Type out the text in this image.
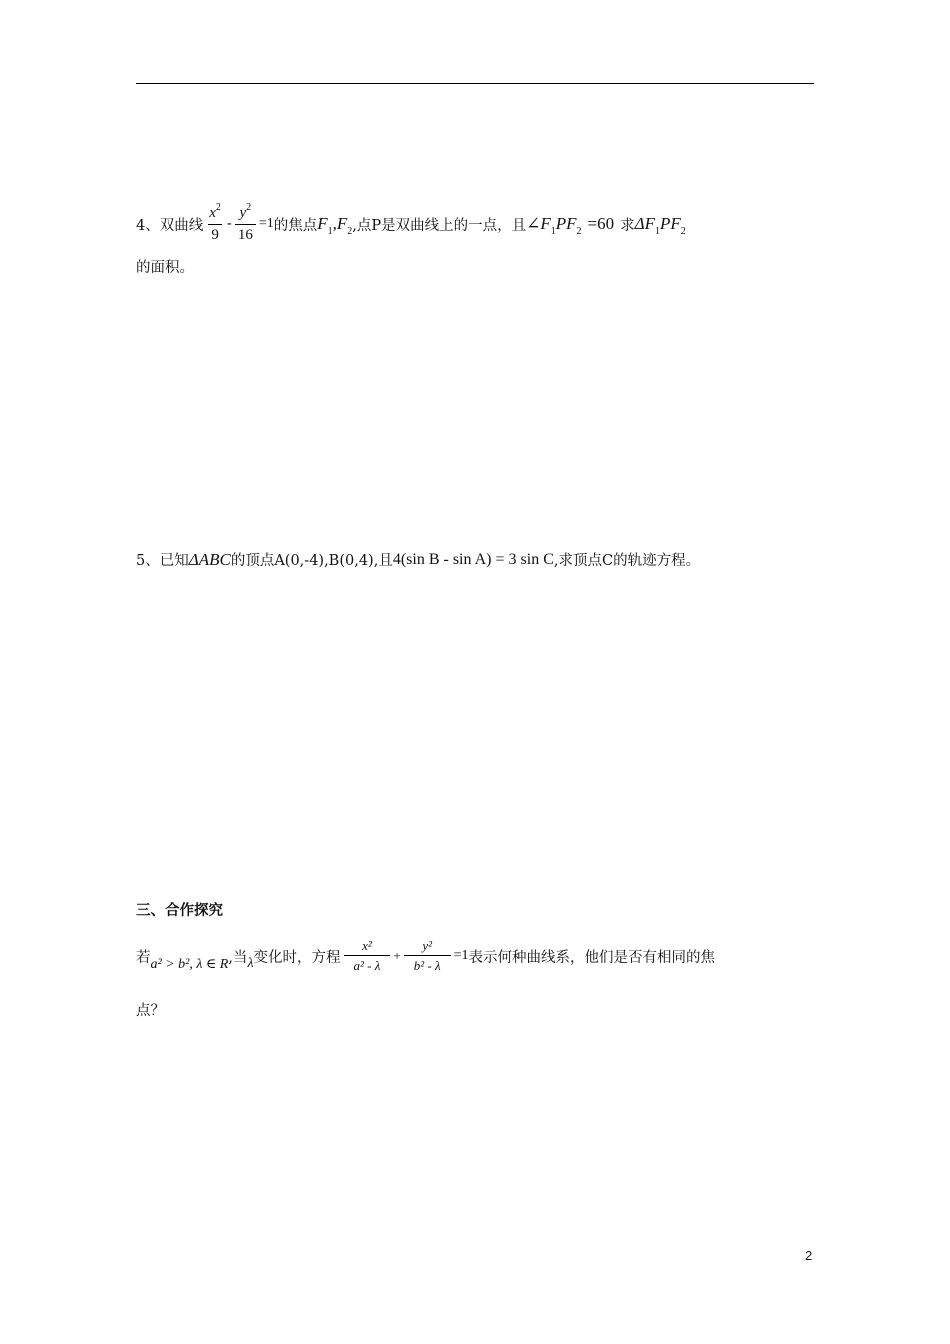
4、双曲线 $\frac{x^2}{9} - \frac{y^2}{16} =1$ 的焦点 $F_1$ , $F_2$ ,点P是双曲线上的一点，且 $\angle F_1PF_2 =60$ 求 $\Delta F_1PF_2$
的面积。
5、已知 ΔABC 的顶点A(0,-4),B(0,4),且 4(sin B - sin A) = 3 sin C ,求顶点C的轨迹方程。
三、合作探究
若 a² > b², λ ∈ R ,当 λ 变化时，方程 $\frac{\text{x²}}{\text{a² - λ}} + \frac{\text{y²}}{\text{b² - λ}} =1$ 表示何种曲线系，他们是否有相同的焦
点？
2
